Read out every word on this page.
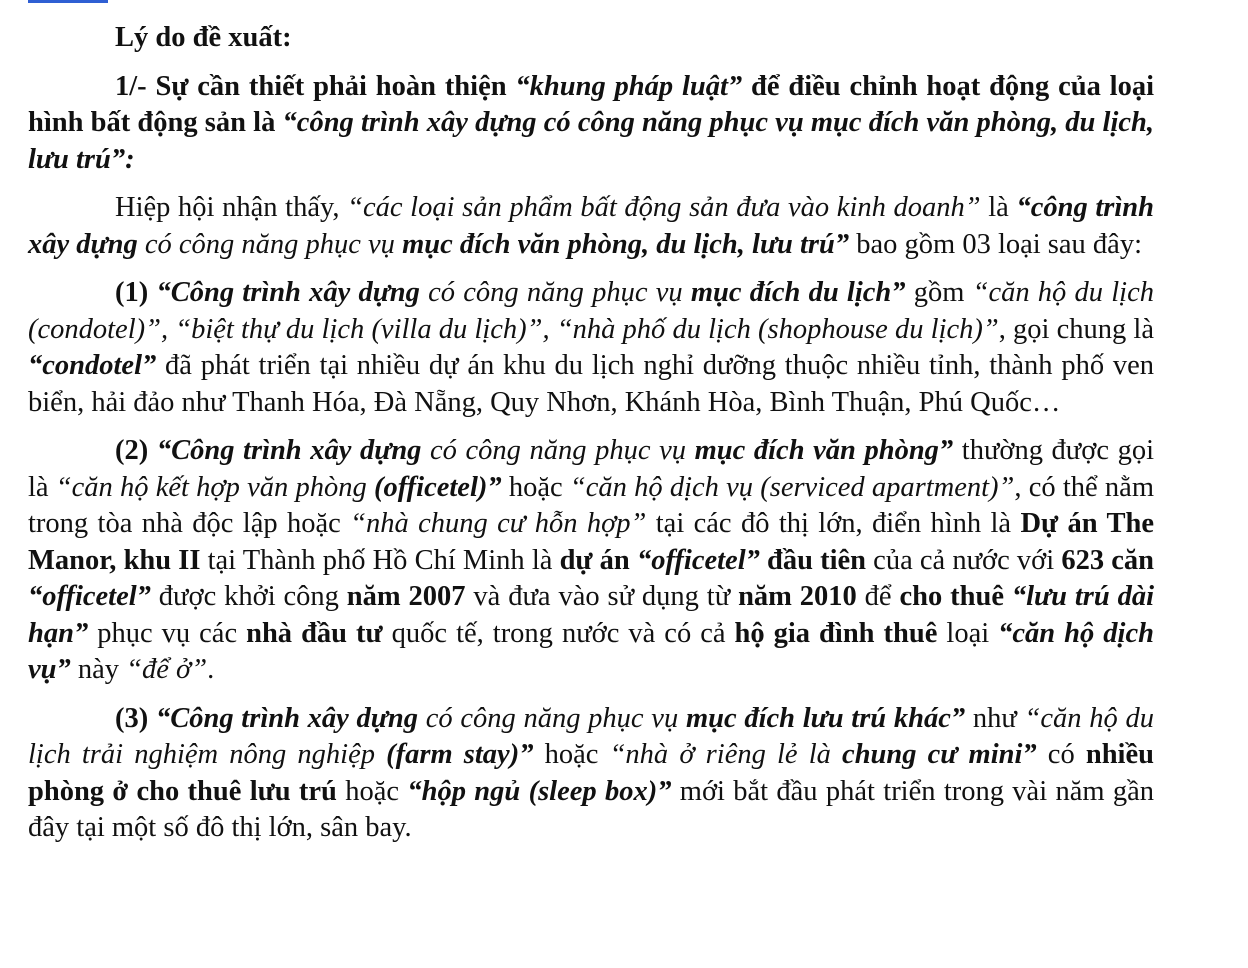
Lý do đề xuất:

1/- Sự cần thiết phải hoàn thiện “khung pháp luật” để điều chỉnh hoạt động của loại hình bất động sản là “công trình xây dựng có công năng phục vụ mục đích văn phòng, du lịch, lưu trú”:

Hiệp hội nhận thấy, “các loại sản phẩm bất động sản đưa vào kinh doanh” là “công trình xây dựng có công năng phục vụ mục đích văn phòng, du lịch, lưu trú” bao gồm 03 loại sau đây:

(1) “Công trình xây dựng có công năng phục vụ mục đích du lịch” gồm “căn hộ du lịch (condotel)”, “biệt thự du lịch (villa du lịch)”, “nhà phố du lịch (shophouse du lịch)”, gọi chung là “condotel” đã phát triển tại nhiều dự án khu du lịch nghỉ dưỡng thuộc nhiều tỉnh, thành phố ven biển, hải đảo như Thanh Hóa, Đà Nẵng, Quy Nhơn, Khánh Hòa, Bình Thuận, Phú Quốc…

(2) “Công trình xây dựng có công năng phục vụ mục đích văn phòng” thường được gọi là “căn hộ kết hợp văn phòng (officetel)” hoặc “căn hộ dịch vụ (serviced apartment)”, có thể nằm trong tòa nhà độc lập hoặc “nhà chung cư hỗn hợp” tại các đô thị lớn, điển hình là Dự án The Manor, khu II tại Thành phố Hồ Chí Minh là dự án “officetel” đầu tiên của cả nước với 623 căn “officetel” được khởi công năm 2007 và đưa vào sử dụng từ năm 2010 để cho thuê “lưu trú dài hạn” phục vụ các nhà đầu tư quốc tế, trong nước và có cả hộ gia đình thuê loại “căn hộ dịch vụ” này “để ở”.

(3) “Công trình xây dựng có công năng phục vụ mục đích lưu trú khác” như “căn hộ du lịch trải nghiệm nông nghiệp (farm stay)” hoặc “nhà ở riêng lẻ là chung cư mini” có nhiều phòng ở cho thuê lưu trú hoặc “hộp ngủ (sleep box)” mới bắt đầu phát triển trong vài năm gần đây tại một số đô thị lớn, sân bay.
